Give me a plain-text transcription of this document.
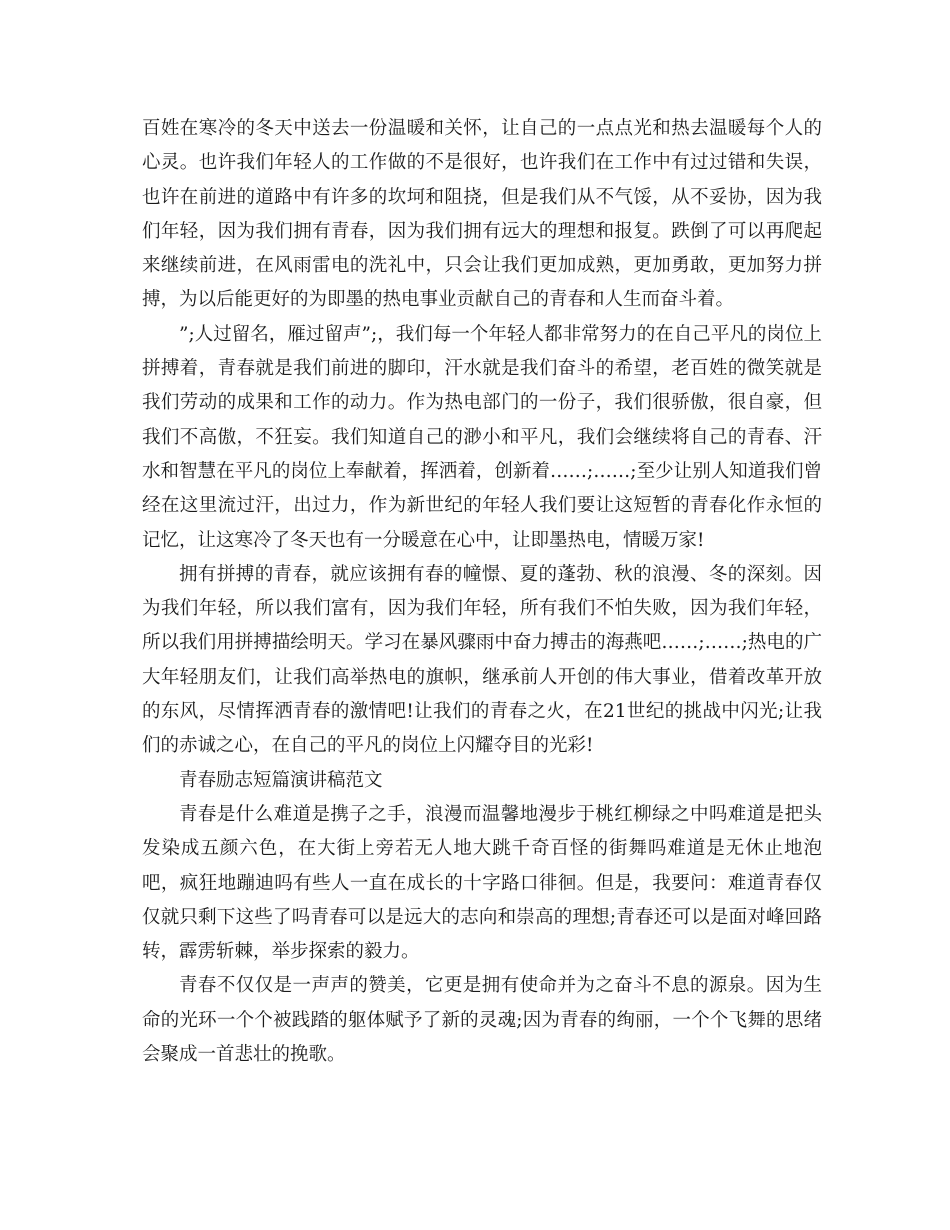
百姓在寒冷的冬天中送去一份温暖和关怀，让自己的一点点光和热去温暖每个人的心灵。也许我们年轻人的工作做的不是很好，也许我们在工作中有过过错和失误，也许在前进的道路中有许多的坎坷和阻挠，但是我们从不气馁，从不妥协，因为我们年轻，因为我们拥有青春，因为我们拥有远大的理想和报复。跌倒了可以再爬起来继续前进，在风雨雷电的洗礼中，只会让我们更加成熟，更加勇敢，更加努力拼搏，为以后能更好的为即墨的热电事业贡献自己的青春和人生而奋斗着。

”;人过留名，雁过留声”;，我们每一个年轻人都非常努力的在自己平凡的岗位上拼搏着，青春就是我们前进的脚印，汗水就是我们奋斗的希望，老百姓的微笑就是我们劳动的成果和工作的动力。作为热电部门的一份子，我们很骄傲，很自豪，但我们不高傲，不狂妄。我们知道自己的渺小和平凡，我们会继续将自己的青春、汗水和智慧在平凡的岗位上奉献着，挥洒着，创新着……;……;至少让别人知道我们曾经在这里流过汗，出过力，作为新世纪的年轻人我们要让这短暂的青春化作永恒的记忆，让这寒冷了冬天也有一分暖意在心中，让即墨热电，情暖万家!

拥有拼搏的青春，就应该拥有春的幢憬、夏的蓬勃、秋的浪漫、冬的深刻。因为我们年轻，所以我们富有，因为我们年轻，所有我们不怕失败，因为我们年轻，所以我们用拼搏描绘明天。学习在暴风骤雨中奋力搏击的海燕吧……;……;热电的广大年轻朋友们，让我们高举热电的旗帜，继承前人开创的伟大事业，借着改革开放的东风，尽情挥洒青春的激情吧!让我们的青春之火，在21世纪的挑战中闪光;让我们的赤诚之心，在自己的平凡的岗位上闪耀夺目的光彩!

青春励志短篇演讲稿范文

青春是什么难道是携子之手，浪漫而温馨地漫步于桃红柳绿之中吗难道是把头发染成五颜六色，在大街上旁若无人地大跳千奇百怪的街舞吗难道是无休止地泡吧，疯狂地蹦迪吗有些人一直在成长的十字路口徘徊。但是，我要问：难道青春仅仅就只剩下这些了吗青春可以是远大的志向和崇高的理想;青春还可以是面对峰回路转，霹雳斩棘，举步探索的毅力。

青春不仅仅是一声声的赞美，它更是拥有使命并为之奋斗不息的源泉。因为生命的光环一个个被践踏的躯体赋予了新的灵魂;因为青春的绚丽，一个个飞舞的思绪会聚成一首悲壮的挽歌。
